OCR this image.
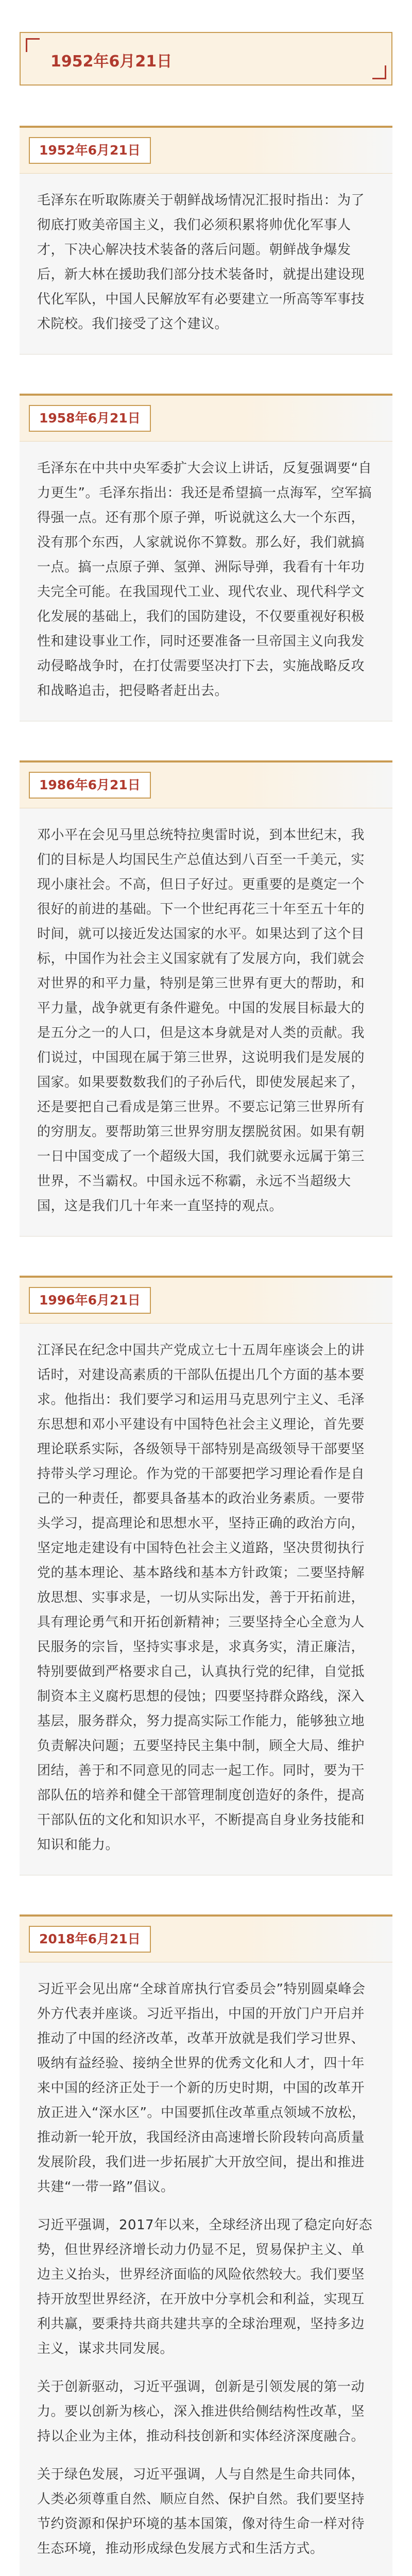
1952年6月21日
1952年6月21日

毛泽东在听取陈赓关于朝鲜战场情况汇报时指出：为了彻底打败美帝国主义，我们必须积累将帅优化军事人才，下决心解决技术装备的落后问题。朝鲜战争爆发后，新大林在援助我们部分技术装备时，就提出建设现代化军队，中国人民解放军有必要建立一所高等军事技术院校。我们接受了这个建议。

1958年6月21日

毛泽东在中共中央军委扩大会议上讲话，反复强调要“自力更生”。毛泽东指出：我还是希望搞一点海军，空军搞得强一点。还有那个原子弹，听说就这么大一个东西，没有那个东西，人家就说你不算数。那么好，我们就搞一点。搞一点原子弹、氢弹、洲际导弹，我看有十年功夫完全可能。在我国现代工业、现代农业、现代科学文化发展的基础上，我们的国防建设，不仅要重视好积极性和建设事业工作，同时还要准备一旦帝国主义向我发动侵略战争时，在打仗需要坚决打下去，实施战略反攻和战略追击，把侵略者赶出去。

1986年6月21日

邓小平在会见马里总统特拉奥雷时说，到本世纪末，我们的目标是人均国民生产总值达到八百至一千美元，实现小康社会。不高，但日子好过。更重要的是奠定一个很好的前进的基础。下一个世纪再花三十年至五十年的时间，就可以接近发达国家的水平。如果达到了这个目标，中国作为社会主义国家就有了发展方向，我们就会对世界的和平力量，特别是第三世界有更大的帮助，和平力量，战争就更有条件避免。中国的发展目标最大的是五分之一的人口，但是这本身就是对人类的贡献。我们说过，中国现在属于第三世界，这说明我们是发展的国家。如果要数数我们的子孙后代，即使发展起来了，还是要把自己看成是第三世界。不要忘记第三世界所有的穷朋友。要帮助第三世界穷朋友摆脱贫困。如果有朝一日中国变成了一个超级大国，我们就要永远属于第三世界，不当霸权。中国永远不称霸，永远不当超级大国，这是我们几十年来一直坚持的观点。

1996年6月21日

江泽民在纪念中国共产党成立七十五周年座谈会上的讲话时，对建设高素质的干部队伍提出几个方面的基本要求。他指出：我们要学习和运用马克思列宁主义、毛泽东思想和邓小平建设有中国特色社会主义理论，首先要理论联系实际，各级领导干部特别是高级领导干部要坚持带头学习理论。作为党的干部要把学习理论看作是自己的一种责任，都要具备基本的政治业务素质。一要带头学习，提高理论和思想水平，坚持正确的政治方向，坚定地走建设有中国特色社会主义道路，坚决贯彻执行党的基本理论、基本路线和基本方针政策；二要坚持解放思想、实事求是，一切从实际出发，善于开拓前进，具有理论勇气和开拓创新精神；三要坚持全心全意为人民服务的宗旨，坚持实事求是，求真务实，清正廉洁，特别要做到严格要求自己，认真执行党的纪律，自觉抵制资本主义腐朽思想的侵蚀；四要坚持群众路线，深入基层，服务群众，努力提高实际工作能力，能够独立地负责解决问题；五要坚持民主集中制，顾全大局、维护团结，善于和不同意见的同志一起工作。同时，要为干部队伍的培养和健全干部管理制度创造好的条件，提高干部队伍的文化和知识水平，不断提高自身业务技能和知识和能力。

2018年6月21日

习近平会见出席“全球首席执行官委员会”特别圆桌峰会外方代表并座谈。习近平指出，中国的开放门户开启并推动了中国的经济改革，改革开放就是我们学习世界、吸纳有益经验、接纳全世界的优秀文化和人才，四十年来中国的经济正处于一个新的历史时期，中国的改革开放正进入“深水区”。中国要抓住改革重点领域不放松，推动新一轮开放，我国经济由高速增长阶段转向高质量发展阶段，我们进一步拓展扩大开放空间，提出和推进共建“一带一路”倡议。

习近平强调，2017年以来，全球经济出现了稳定向好态势，但世界经济增长动力仍显不足，贸易保护主义、单边主义抬头，世界经济面临的风险依然较大。我们要坚持开放型世界经济，在开放中分享机会和利益，实现互利共赢，要秉持共商共建共享的全球治理观，坚持多边主义，谋求共同发展。

关于创新驱动，习近平强调，创新是引领发展的第一动力。要以创新为核心，深入推进供给侧结构性改革，坚持以企业为主体，推动科技创新和实体经济深度融合。

关于绿色发展，习近平强调，人与自然是生命共同体，人类必须尊重自然、顺应自然、保护自然。我们要坚持节约资源和保护环境的基本国策，像对待生命一样对待生态环境，推动形成绿色发展方式和生活方式。
